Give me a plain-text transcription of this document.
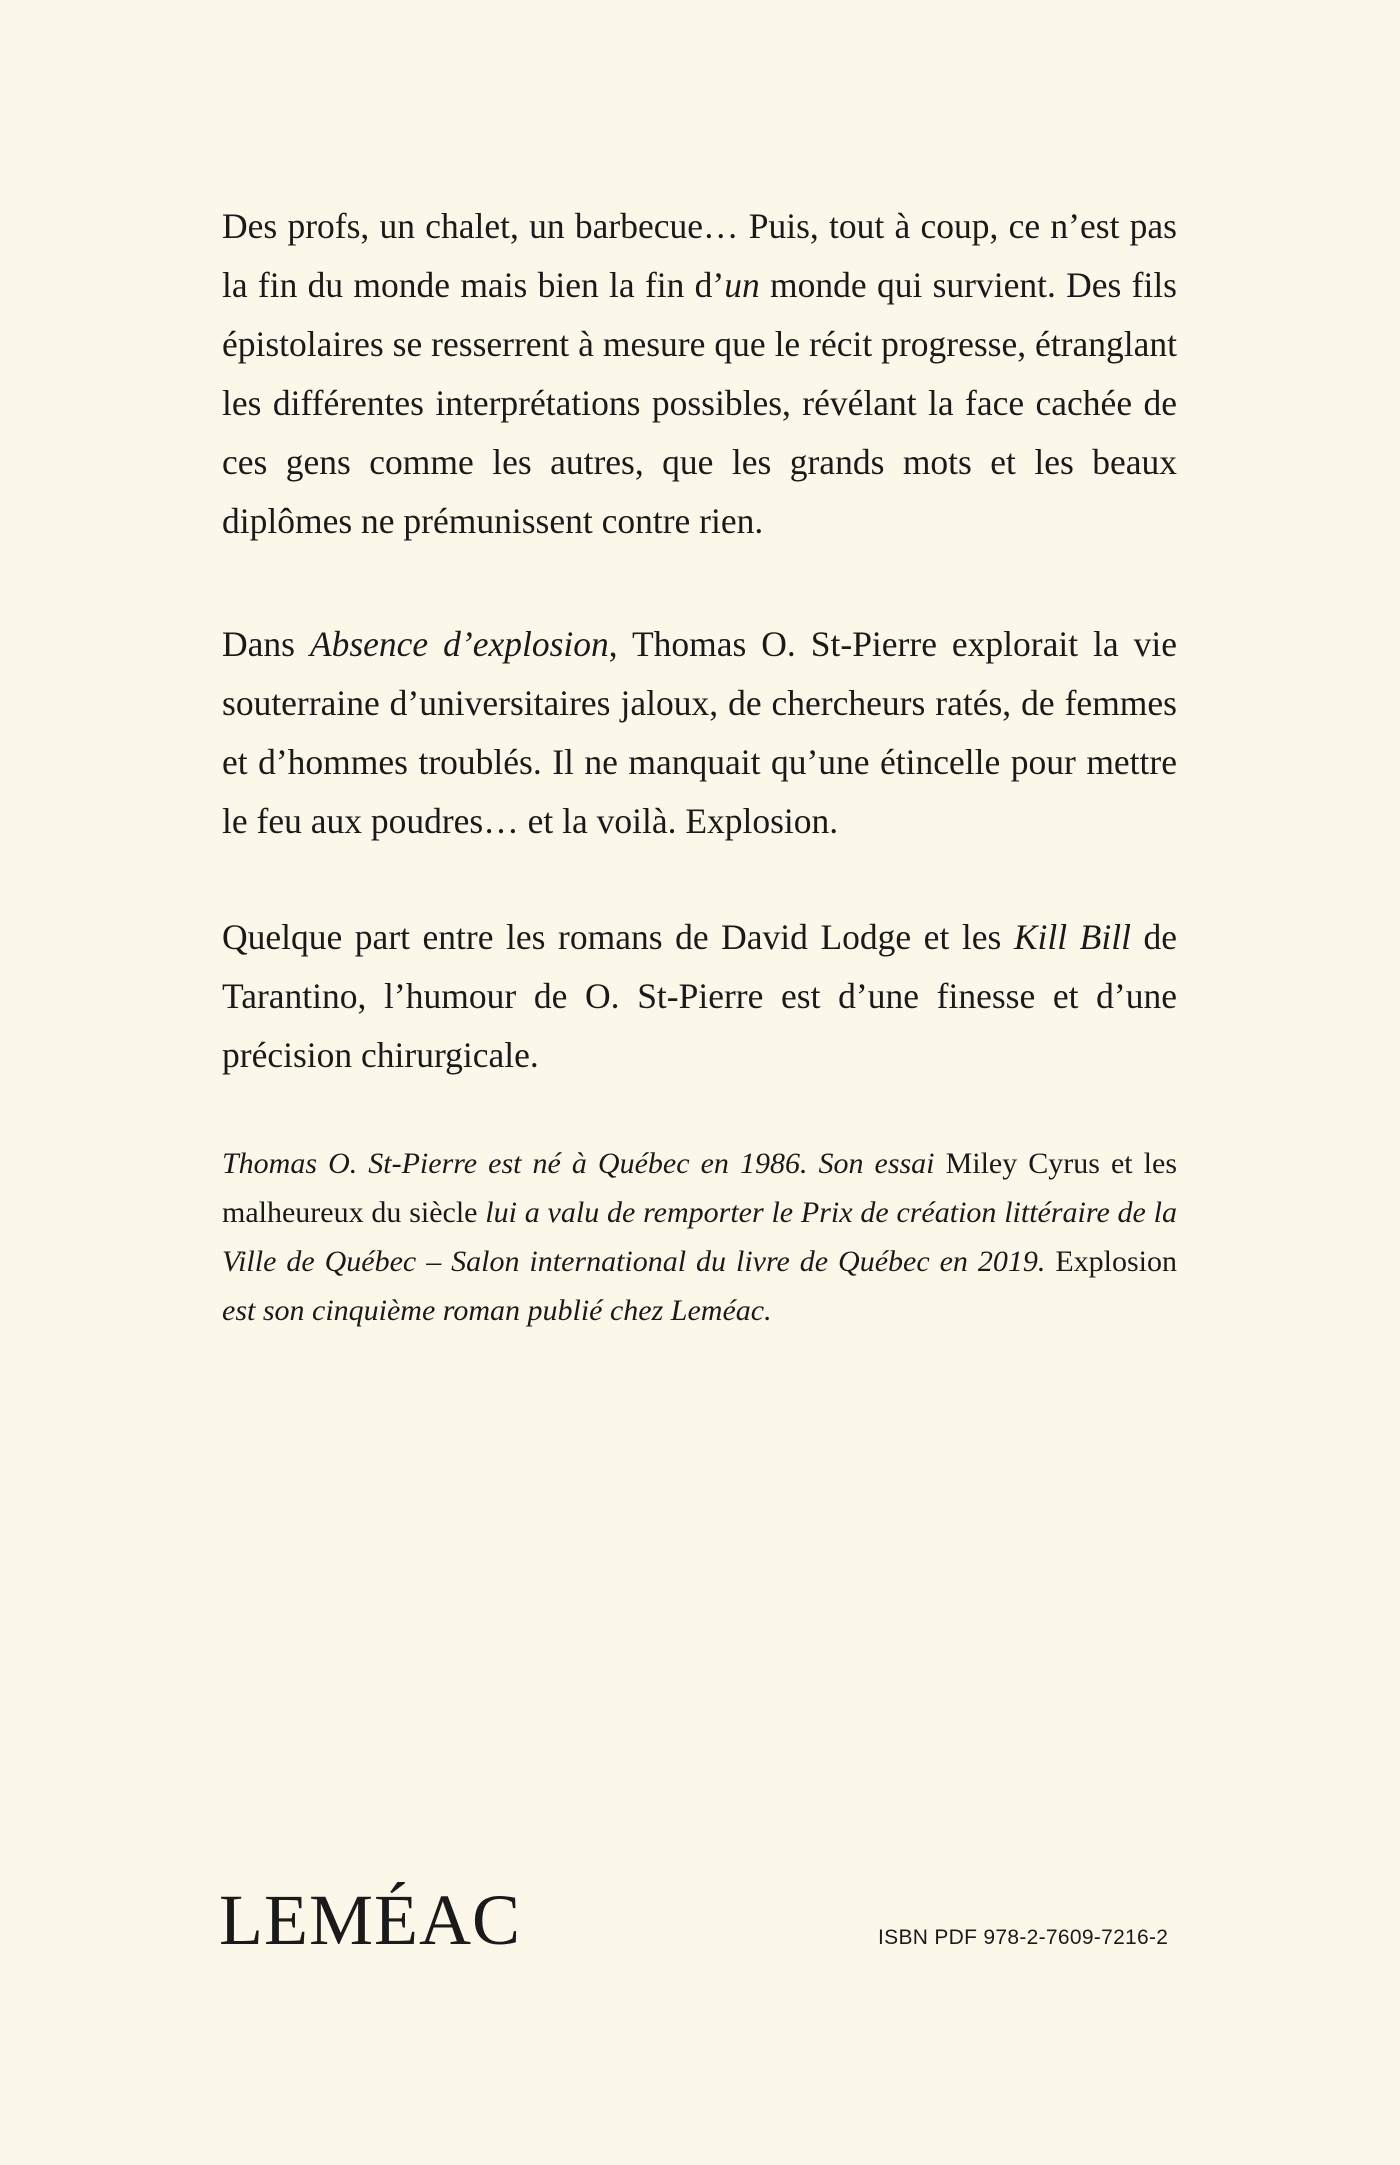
Des profs, un chalet, un barbecue… Puis, tout à coup, ce n’est pas la fin du monde mais bien la fin d’un monde qui survient. Des fils épistolaires se resserrent à mesure que le récit progresse, étranglant les différentes interprétations possibles, révélant la face cachée de ces gens comme les autres, que les grands mots et les beaux diplômes ne prémunissent contre rien.

Dans Absence d’explosion, Thomas O. St-Pierre explorait la vie souterraine d’universitaires jaloux, de chercheurs ratés, de femmes et d’hommes troublés. Il ne manquait qu’une étincelle pour mettre le feu aux poudres… et la voilà. Explosion.

Quelque part entre les romans de David Lodge et les Kill Bill de Tarantino, l’humour de O. St-Pierre est d’une finesse et d’une précision chirurgicale.

Thomas O. St-Pierre est né à Québec en 1986. Son essai Miley Cyrus et les malheureux du siècle lui a valu de remporter le Prix de création littéraire de la Ville de Québec – Salon international du livre de Québec en 2019. Explosion est son cinquième roman publié chez Leméac.

LEMÉAC	ISBN PDF 978-2-7609-7216-2
